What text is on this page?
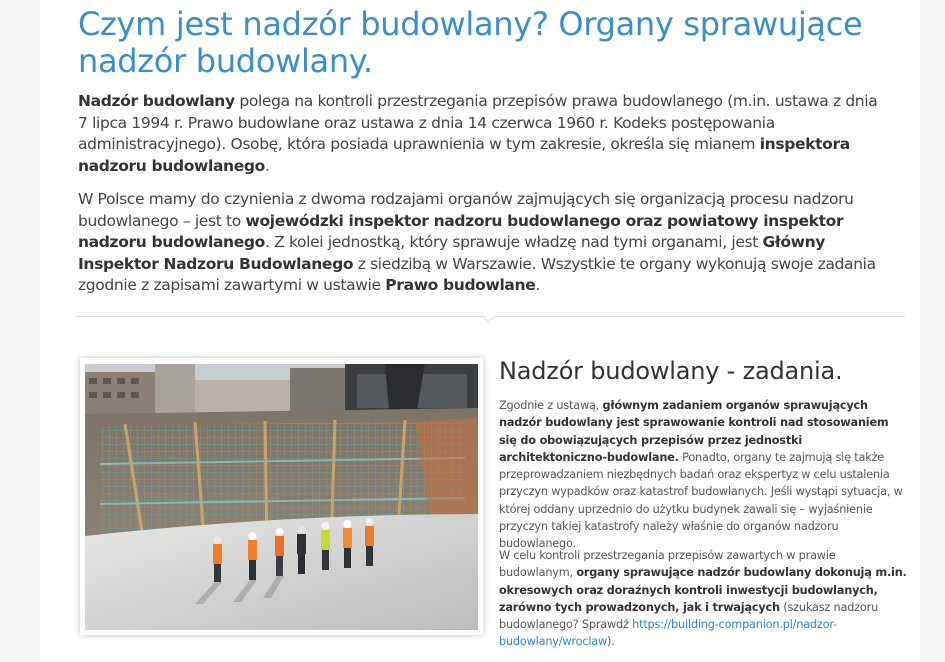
Czym jest nadzór budowlany? Organy sprawujące nadzór budowlany.

Nadzór budowlany polega na kontroli przestrzegania przepisów prawa budowlanego (m.in. ustawa z dnia 7 lipca 1994 r. Prawo budowlane oraz ustawa z dnia 14 czerwca 1960 r. Kodeks postępowania administracyjnego). Osobę, która posiada uprawnienia w tym zakresie, określa się mianem inspektora nadzoru budowlanego.

W Polsce mamy do czynienia z dwoma rodzajami organów zajmujących się organizacją procesu nadzoru budowlanego – jest to wojewódzki inspektor nadzoru budowlanego oraz powiatowy inspektor nadzoru budowlanego. Z kolei jednostką, który sprawuje władzę nad tymi organami, jest Główny Inspektor Nadzoru Budowlanego z siedzibą w Warszawie. Wszystkie te organy wykonują swoje zadania zgodnie z zapisami zawartymi w ustawie Prawo budowlane.

Nadzór budowlany - zadania.

Zgodnie z ustawą, głównym zadaniem organów sprawujących nadzór budowlany jest sprawowanie kontroli nad stosowaniem się do obowiązujących przepisów przez jednostki architektoniczno-budowlane. Ponadto, organy te zajmują się także przeprowadzaniem niezbędnych badań oraz ekspertyz w celu ustalenia przyczyn wypadków oraz katastrof budowlanych. Jeśli wystąpi sytuacja, w której oddany uprzednio do użytku budynek zawali się – wyjaśnienie przyczyn takiej katastrofy należy właśnie do organów nadzoru budowlanego.

W celu kontroli przestrzegania przepisów zawartych w prawie budowlanym, organy sprawujące nadzór budowlany dokonują m.in. okresowych oraz doraźnych kontroli inwestycji budowlanych, zarówno tych prowadzonych, jak i trwających (szukasz nadzoru budowlanego? Sprawdź https://building-companion.pl/nadzor-budowlany/wroclaw).
